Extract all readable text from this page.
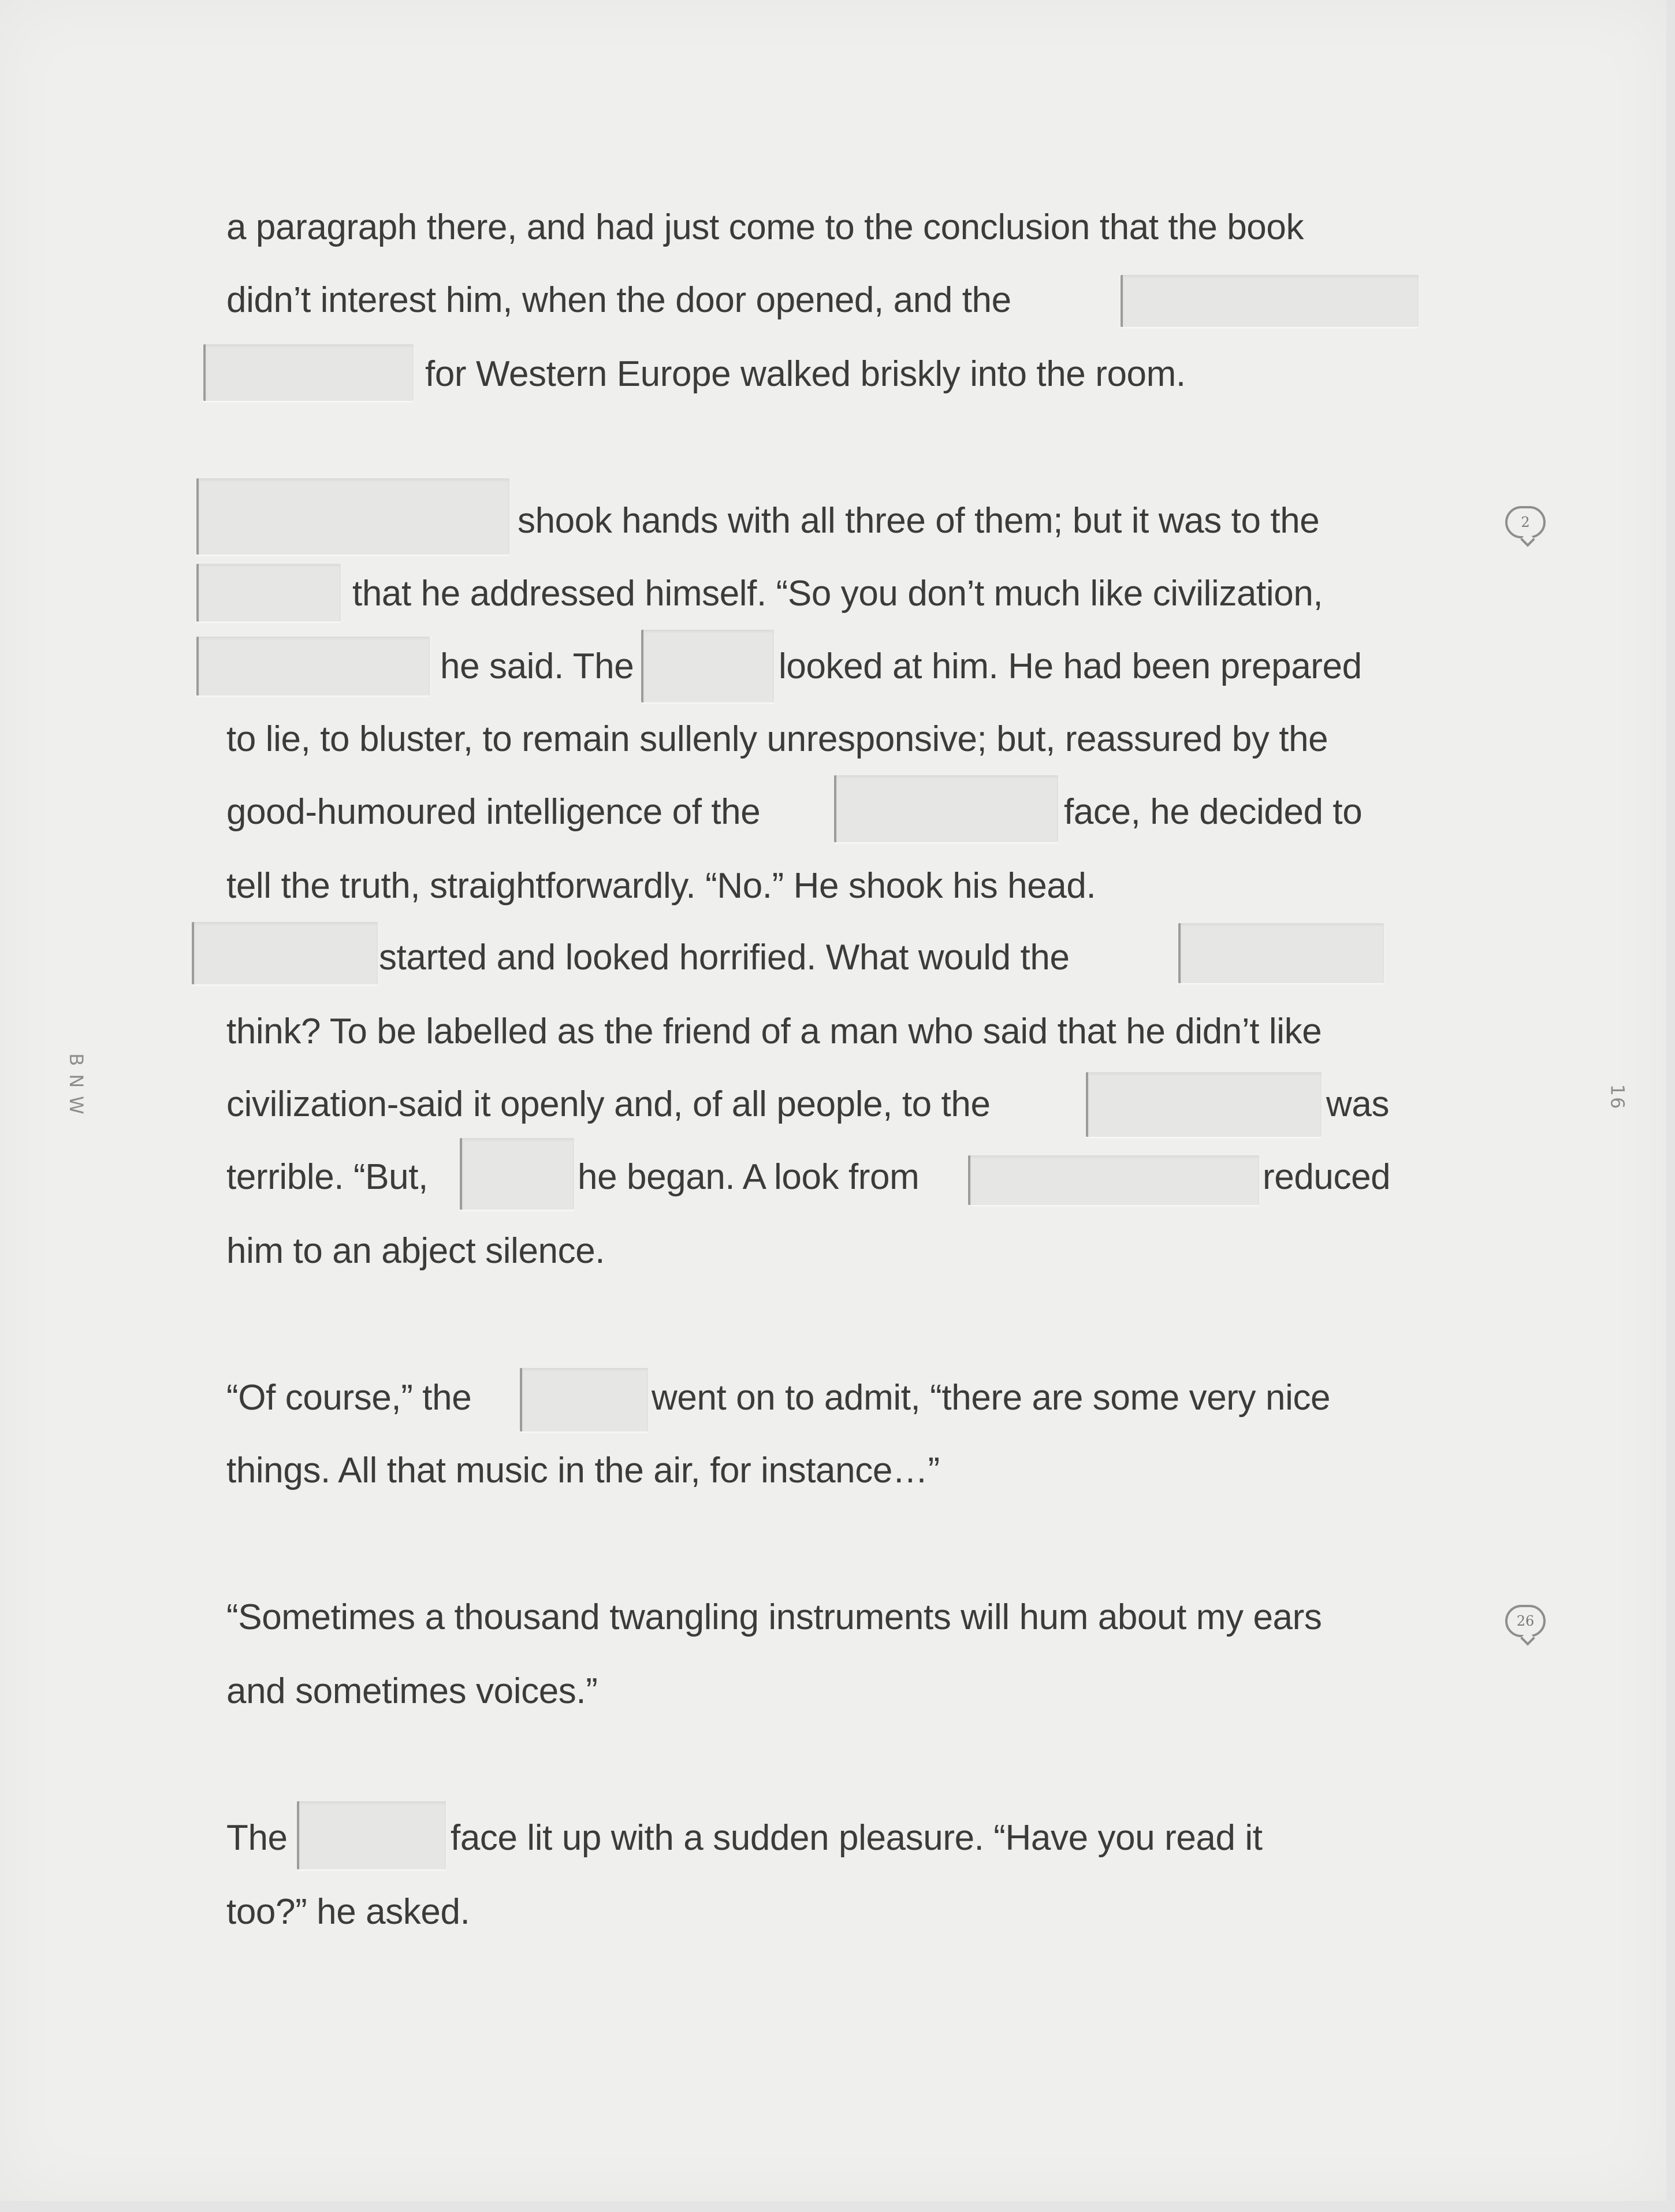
a paragraph there, and had just come to the conclusion that the book
didn’t interest him, when the door opened, and the
for Western Europe walked briskly into the room.
shook hands with all three of them; but it was to the
that he addressed himself. “So you don’t much like civilization,
he said. The	looked at him. He had been prepared
to lie, to bluster, to remain sullenly unresponsive; but, reassured by the
good-humoured intelligence of the	face, he decided to
tell the truth, straightforwardly. “No.” He shook his head.
started and looked horrified. What would the
think? To be labelled as the friend of a man who said that he didn’t like
civilization-said it openly and, of all people, to the	was
terrible. “But,	he began. A look from	reduced
him to an abject silence.
“Of course,” the	went on to admit, “there are some very nice
things. All that music in the air, for instance…”
“Sometimes a thousand twangling instruments will hum about my ears
and sometimes voices.”
The	face lit up with a sudden pleasure. “Have you read it
too?” he asked.
BNW	16
2
26
